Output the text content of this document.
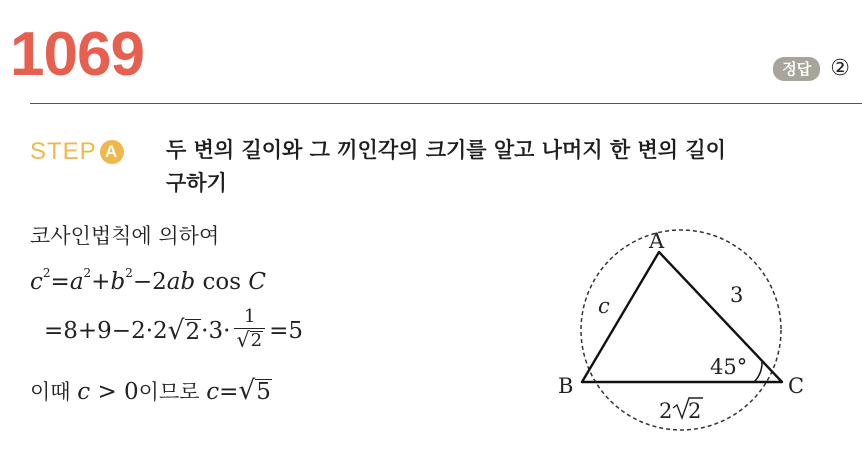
1069	정답 ②
STEP A 두 변의 길이와 그 끼인각의 크기를 알고 나머지 한 변의 길이
구하기
코사인법칙에 의하여
$c^2=a^2+b^2-2ab$ cos C
=8+9−2·2 √ $2 \cdot 3\cdot \frac{1}{√ 2} =5$
이때 c > 0 이므로 c= √ 5
A
B	C
c	3
45°
2 2
